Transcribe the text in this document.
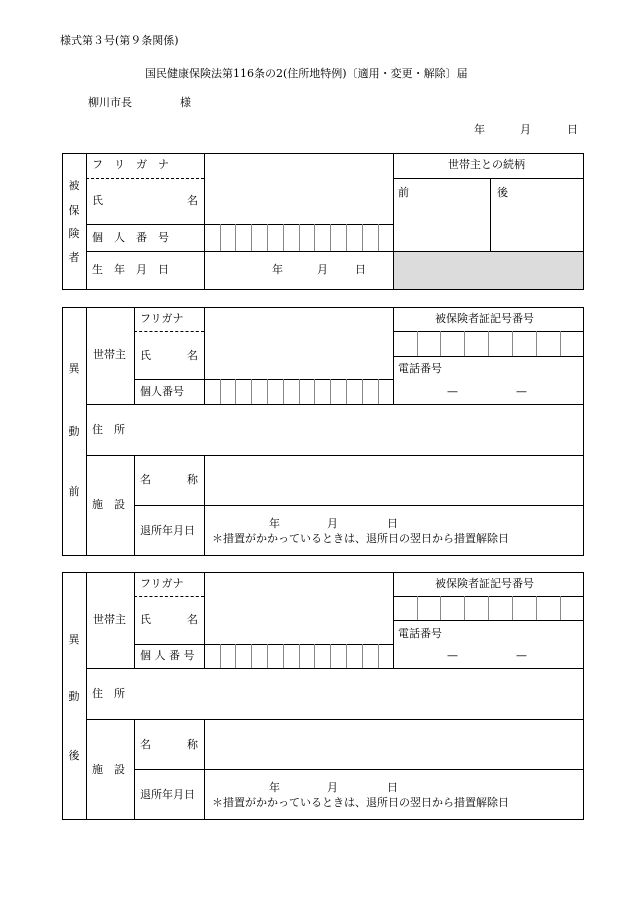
様式第３号(第９条関係)
国民健康保険法第116条の2(住所地特例)〔適用・変更・解除〕届
柳川市長	様
年	月	日
被
保
険
者
フ　リ　ガ　ナ
氏	名
個　人　番　号
生　年　月　日	年	月 日
世帯主との続柄
前	後
異
動
前
世帯主
フリガナ
氏	名
個人番号
被保険者証記号番号
電話番号
—	—
住　所
施　設
名	称
退所年月日
年	月	日
＊措置がかかっているときは、退所日の翌日から措置解除日
異
動
後
世帯主
フリガナ
氏	名
個 人 番 号
被保険者証記号番号
電話番号
—	—
住　所
施　設
名	称
退所年月日
年	月	日
＊措置がかかっているときは、退所日の翌日から措置解除日
